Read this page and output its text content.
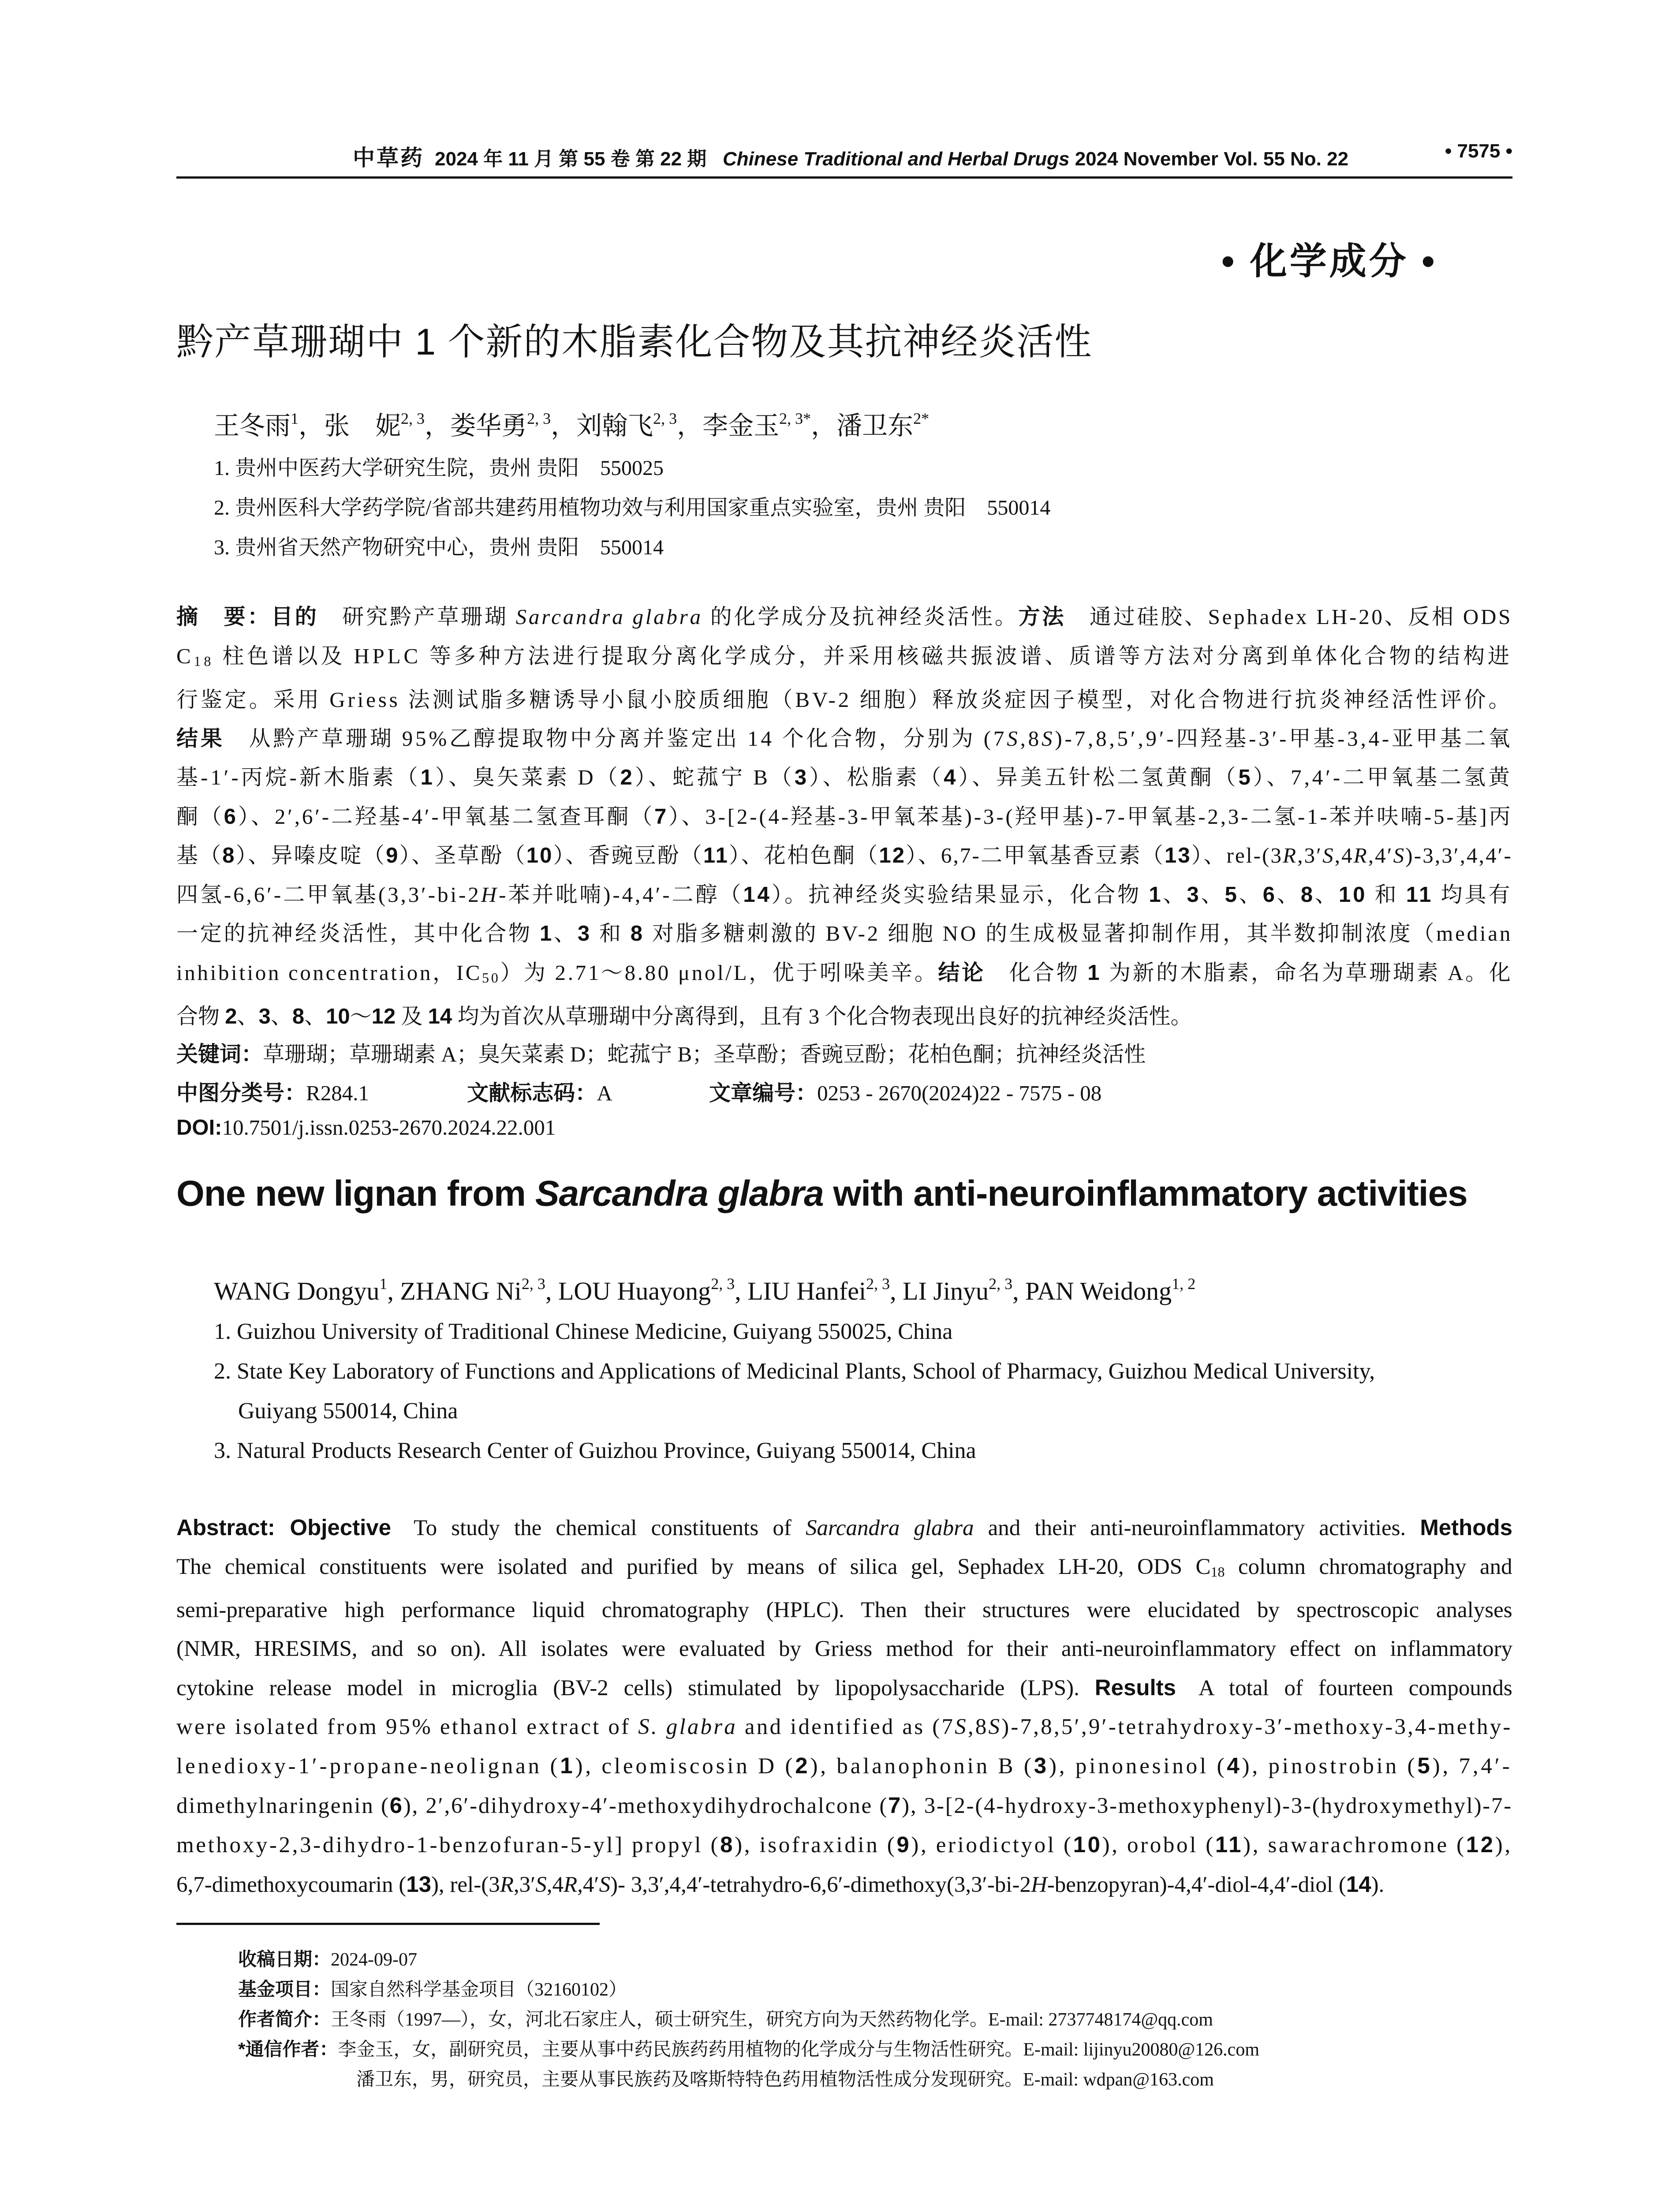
中草药 2024 年 11 月 第 55 卷 第 22 期 Chinese Traditional and Herbal Drugs 2024 November Vol. 55 No. 22	• 7575 •
• 化学成分 •
黔产草珊瑚中 1 个新的木脂素化合物及其抗神经炎活性
王冬雨$^1$，张　妮$^{2, 3}$，娄华勇$^{2, 3}$，刘翰飞$^{2, 3}$，李金玉$^{2, 3*}$，潘卫东$^{2*}$
1. 贵州中医药大学研究生院，贵州 贵阳　550025
2. 贵州医科大学药学院/省部共建药用植物功效与利用国家重点实验室，贵州 贵阳　550014
3. 贵州省天然产物研究中心，贵州 贵阳　550014
摘　要：目的　研究黔产草珊瑚 Sarcandra glabra 的化学成分及抗神经炎活性。方法　通过硅胶、Sephadex LH-20、反相 ODS
$C_{18}$ 柱色谱以及 HPLC 等多种方法进行提取分离化学成分，并采用核磁共振波谱、质谱等方法对分离到单体化合物的结构进
行鉴定。采用 Griess 法测试脂多糖诱导小鼠小胶质细胞（BV-2 细胞）释放炎症因子模型，对化合物进行抗炎神经活性评价。
结果　从黔产草珊瑚 95%乙醇提取物中分离并鉴定出 14 个化合物，分别为 (7S,8S)-7,8,5′,9′-四羟基-3′-甲基-3,4-亚甲基二氧
基-1′-丙烷-新木脂素（1）、臭矢菜素 D（2）、蛇菰宁 B（3）、松脂素（4）、异美五针松二氢黄酮（5）、7,4′-二甲氧基二氢黄
酮（6）、2′,6′-二羟基-4′-甲氧基二氢查耳酮（7）、3-[2-(4-羟基-3-甲氧苯基)-3-(羟甲基)-7-甲氧基-2,3-二氢-1-苯并呋喃-5-基]丙
基（8）、异嗪皮啶（9）、圣草酚（10）、香豌豆酚（11）、花柏色酮（12）、6,7-二甲氧基香豆素（13）、rel-(3R,3′S,4R,4′S)-3,3′,4,4′-
四氢-6,6′-二甲氧基(3,3′-bi-2H-苯并吡喃)-4,4′-二醇（14）。抗神经炎实验结果显示，化合物 1、3、5、6、8、10 和 11 均具有
一定的抗神经炎活性，其中化合物 1、3 和 8 对脂多糖刺激的 BV-2 细胞 NO 的生成极显著抑制作用，其半数抑制浓度（median
inhibition concentration，$IC_{50}$）为 2.71～8.80 μnol/L，优于吲哚美辛。结论　化合物 1 为新的木脂素，命名为草珊瑚素 A。化
合物 2、3、8、10～12 及 14 均为首次从草珊瑚中分离得到，且有 3 个化合物表现出良好的抗神经炎活性。
关键词：草珊瑚；草珊瑚素 A；臭矢菜素 D；蛇菰宁 B；圣草酚；香豌豆酚；花柏色酮；抗神经炎活性
中图分类号：R284.1	文献标志码：A	文章编号：0253 - 2670(2024)22 - 7575 - 08
DOI:10.7501/j.issn.0253-2670.2024.22.001
One new lignan from Sarcandra glabra with anti-neuroinflammatory activities
WANG Dongyu$^1$, ZHANG Ni$^{2, 3}$, LOU Huayong$^{2, 3}$, LIU Hanfei$^{2, 3}$, LI Jinyu$^{2, 3}$, PAN Weidong$^{1, 2}$
1. Guizhou University of Traditional Chinese Medicine, Guiyang 550025, China
2. State Key Laboratory of Functions and Applications of Medicinal Plants, School of Pharmacy, Guizhou Medical University,
Guiyang 550014, China
3. Natural Products Research Center of Guizhou Province, Guiyang 550014, China
Abstract: Objective　To study the chemical constituents of Sarcandra glabra and their anti-neuroinflammatory activities. Methods
The chemical constituents were isolated and purified by means of silica gel, Sephadex LH-20, ODS $C_{18}$ column chromatography and
semi-preparative high performance liquid chromatography (HPLC). Then their structures were elucidated by spectroscopic analyses
(NMR, HRESIMS, and so on). All isolates were evaluated by Griess method for their anti-neuroinflammatory effect on inflammatory
cytokine release model in microglia (BV-2 cells) stimulated by lipopolysaccharide (LPS). Results　A total of fourteen compounds
were isolated from 95% ethanol extract of S. glabra and identified as (7S,8S)-7,8,5′,9′-tetrahydroxy-3′-methoxy-3,4-methy-
lenedioxy-1′-propane-neolignan (1), cleomiscosin D (2), balanophonin B (3), pinonesinol (4), pinostrobin (5), 7,4′-
dimethylnaringenin (6), 2′,6′-dihydroxy-4′-methoxydihydrochalcone (7), 3-[2-(4-hydroxy-3-methoxyphenyl)-3-(hydroxymethyl)-7-
methoxy-2,3-dihydro-1-benzofuran-5-yl] propyl (8), isofraxidin (9), eriodictyol (10), orobol (11), sawarachromone (12),
6,7-dimethoxycoumarin (13), rel-(3R,3′S,4R,4′S)- 3,3′,4,4′-tetrahydro-6,6′-dimethoxy(3,3′-bi-2H-benzopyran)-4,4′-diol-4,4′-diol (14).
收稿日期：2024-09-07
基金项目：国家自然科学基金项目（32160102）
作者简介：王冬雨（1997—），女，河北石家庄人，硕士研究生，研究方向为天然药物化学。E-mail: 2737748174@qq.com
*通信作者：李金玉，女，副研究员，主要从事中药民族药药用植物的化学成分与生物活性研究。E-mail: lijinyu20080@126.com
潘卫东，男，研究员，主要从事民族药及喀斯特特色药用植物活性成分发现研究。E-mail: wdpan@163.com
